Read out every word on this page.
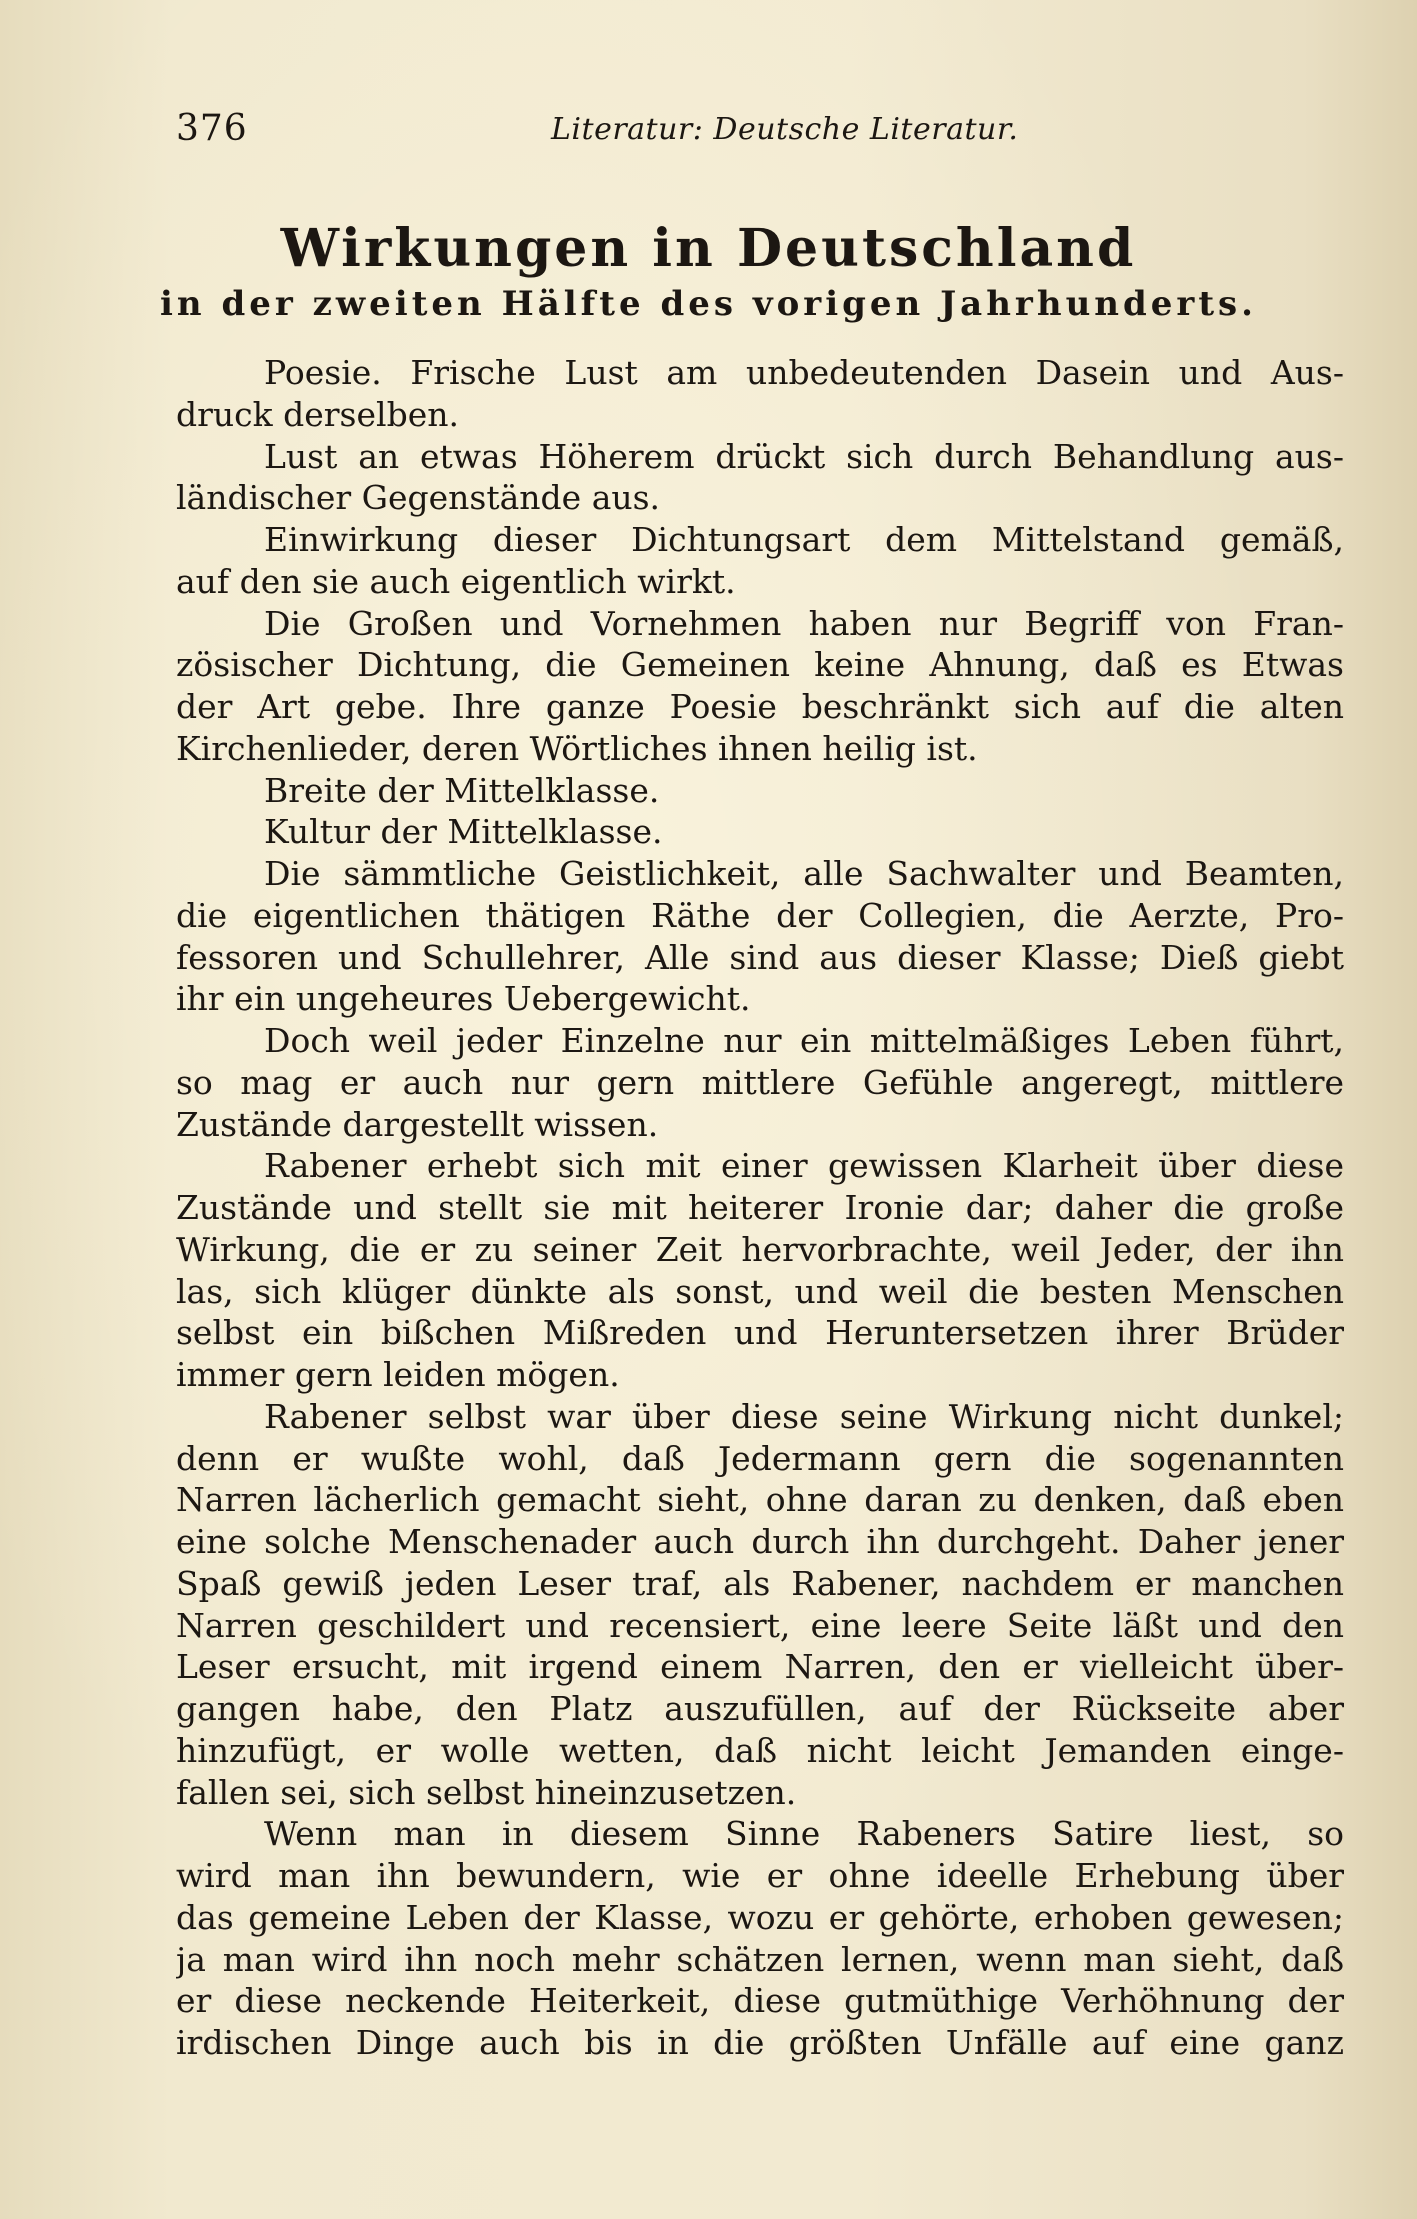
376	Literatur: Deutsche Literatur.
Wirkungen in Deutschland
in der zweiten Hälfte des vorigen Jahrhunderts.
Poesie. Frische Lust am unbedeutenden Dasein und Aus-
druck derselben.
Lust an etwas Höherem drückt sich durch Behandlung aus-
ländischer Gegenstände aus.
Einwirkung dieser Dichtungsart dem Mittelstand gemäß,
auf den sie auch eigentlich wirkt.
Die Großen und Vornehmen haben nur Begriff von Fran-
zösischer Dichtung, die Gemeinen keine Ahnung, daß es Etwas
der Art gebe. Ihre ganze Poesie beschränkt sich auf die alten
Kirchenlieder, deren Wörtliches ihnen heilig ist.
Breite der Mittelklasse.
Kultur der Mittelklasse.
Die sämmtliche Geistlichkeit, alle Sachwalter und Beamten,
die eigentlichen thätigen Räthe der Collegien, die Aerzte, Pro-
fessoren und Schullehrer, Alle sind aus dieser Klasse; Dieß giebt
ihr ein ungeheures Uebergewicht.
Doch weil jeder Einzelne nur ein mittelmäßiges Leben führt,
so mag er auch nur gern mittlere Gefühle angeregt, mittlere
Zustände dargestellt wissen.
Rabener erhebt sich mit einer gewissen Klarheit über diese
Zustände und stellt sie mit heiterer Ironie dar; daher die große
Wirkung, die er zu seiner Zeit hervorbrachte, weil Jeder, der ihn
las, sich klüger dünkte als sonst, und weil die besten Menschen
selbst ein bißchen Mißreden und Heruntersetzen ihrer Brüder
immer gern leiden mögen.
Rabener selbst war über diese seine Wirkung nicht dunkel;
denn er wußte wohl, daß Jedermann gern die sogenannten
Narren lächerlich gemacht sieht, ohne daran zu denken, daß eben
eine solche Menschenader auch durch ihn durchgeht. Daher jener
Spaß gewiß jeden Leser traf, als Rabener, nachdem er manchen
Narren geschildert und recensiert, eine leere Seite läßt und den
Leser ersucht, mit irgend einem Narren, den er vielleicht über-
gangen habe, den Platz auszufüllen, auf der Rückseite aber
hinzufügt, er wolle wetten, daß nicht leicht Jemanden einge-
fallen sei, sich selbst hineinzusetzen.
Wenn man in diesem Sinne Rabeners Satire liest, so
wird man ihn bewundern, wie er ohne ideelle Erhebung über
das gemeine Leben der Klasse, wozu er gehörte, erhoben gewesen;
ja man wird ihn noch mehr schätzen lernen, wenn man sieht, daß
er diese neckende Heiterkeit, diese gutmüthige Verhöhnung der
irdischen Dinge auch bis in die größten Unfälle auf eine ganz
